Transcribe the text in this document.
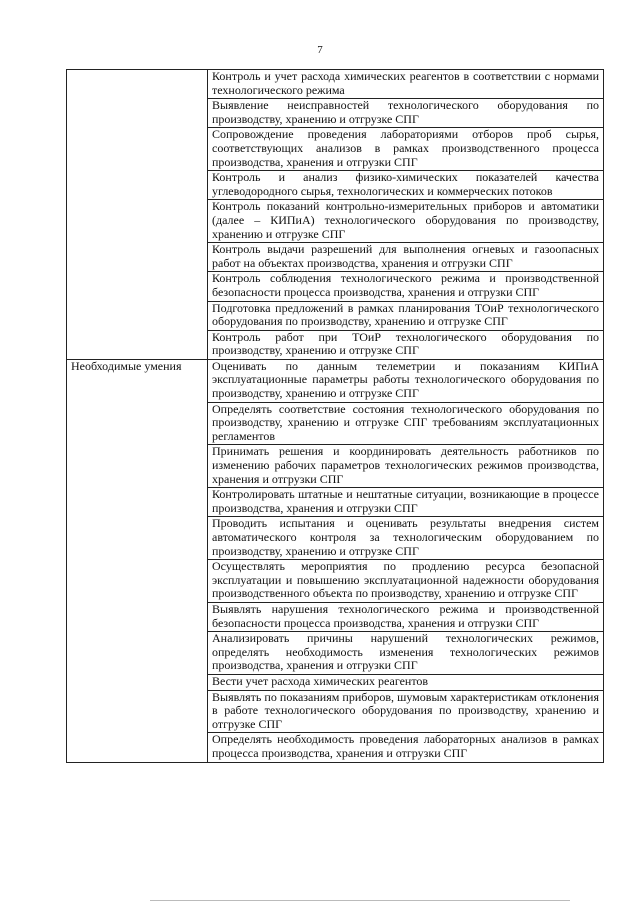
7
	Контроль и учет расхода химических реагентов в соответствии с нормами технологического режима
	Выявление неисправностей технологического оборудования по производству, хранению и отгрузке СПГ
	Сопровождение проведения лабораториями отборов проб сырья, соответствующих анализов в рамках производственного процесса производства, хранения и отгрузки СПГ
	Контроль и анализ физико-химических показателей качества углеводородного сырья, технологических и коммерческих потоков
	Контроль показаний контрольно-измерительных приборов и автоматики (далее – КИПиА) технологического оборудования по производству, хранению и отгрузке СПГ
	Контроль выдачи разрешений для выполнения огневых и газоопасных работ на объектах производства, хранения и отгрузки СПГ
	Контроль соблюдения технологического режима и производственной безопасности процесса производства, хранения и отгрузки СПГ
	Подготовка предложений в рамках планирования ТОиР технологического оборудования по производству, хранению и отгрузке СПГ
	Контроль работ при ТОиР технологического оборудования по производству, хранению и отгрузке СПГ
Необходимые умения	Оценивать по данным телеметрии и показаниям КИПиА эксплуатационные параметры работы технологического оборудования по производству, хранению и отгрузке СПГ
	Определять соответствие состояния технологического оборудования по производству, хранению и отгрузке СПГ требованиям эксплуатационных регламентов
	Принимать решения и координировать деятельность работников по изменению рабочих параметров технологических режимов производства, хранения и отгрузки СПГ
	Контролировать штатные и нештатные ситуации, возникающие в процессе производства, хранения и отгрузки СПГ
	Проводить испытания и оценивать результаты внедрения систем автоматического контроля за технологическим оборудованием по производству, хранению и отгрузке СПГ
	Осуществлять мероприятия по продлению ресурса безопасной эксплуатации и повышению эксплуатационной надежности оборудования производственного объекта по производству, хранению и отгрузке СПГ
	Выявлять нарушения технологического режима и производственной безопасности процесса производства, хранения и отгрузки СПГ
	Анализировать причины нарушений технологических режимов, определять необходимость изменения технологических режимов производства, хранения и отгрузки СПГ
	Вести учет расхода химических реагентов
	Выявлять по показаниям приборов, шумовым характеристикам отклонения в работе технологического оборудования по производству, хранению и отгрузке СПГ
	Определять необходимость проведения лабораторных анализов в рамках процесса производства, хранения и отгрузки СПГ
